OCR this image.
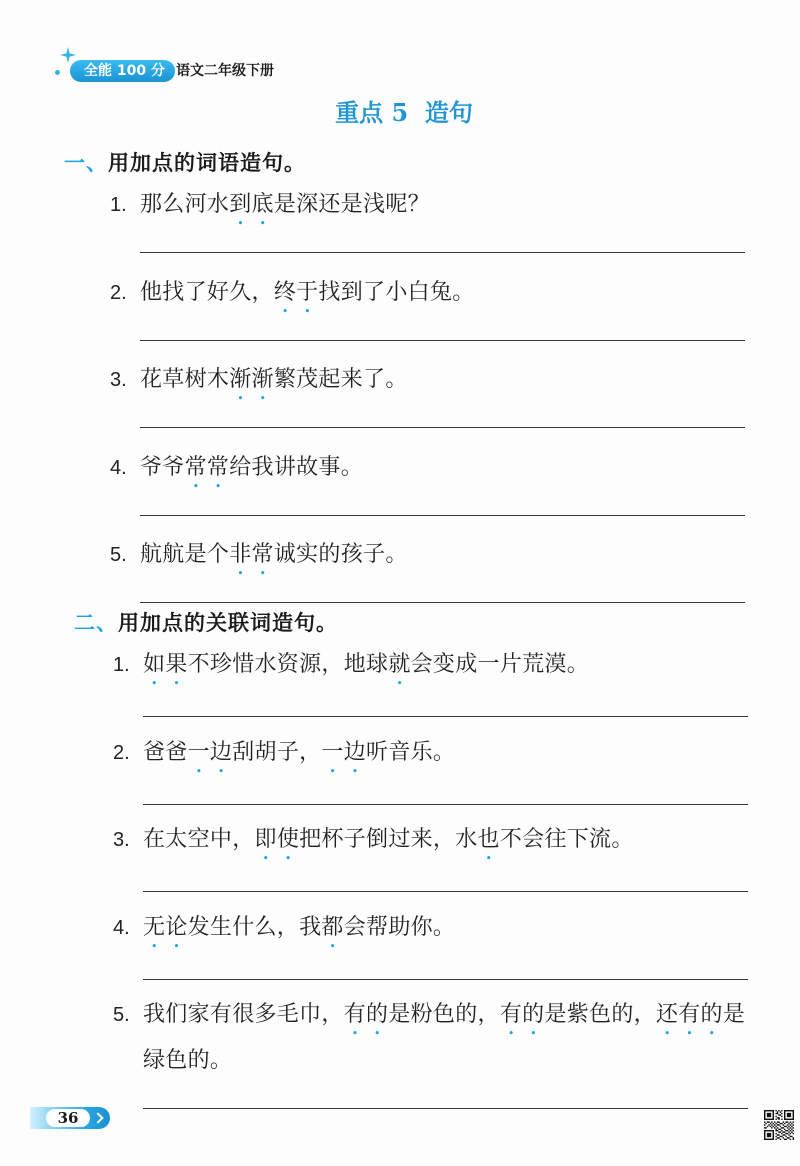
全能 100 分 语文二年级下册
重点 5  造句
一、用加点的词语造句。
1. 那么河水到底是深还是浅呢？
2. 他找了好久，终于找到了小白兔。
3. 花草树木渐渐繁茂起来了。
4. 爷爷常常给我讲故事。
5. 航航是个非常诚实的孩子。
二、用加点的关联词造句。
1. 如果不珍惜水资源，地球就会变成一片荒漠。
2. 爸爸一边刮胡子，一边听音乐。
3. 在太空中，即使把杯子倒过来，水也不会往下流。
4. 无论发生什么，我都会帮助你。
5. 我们家有很多毛巾，有的是粉色的，有的是紫色的，还有的是
绿色的。
36
